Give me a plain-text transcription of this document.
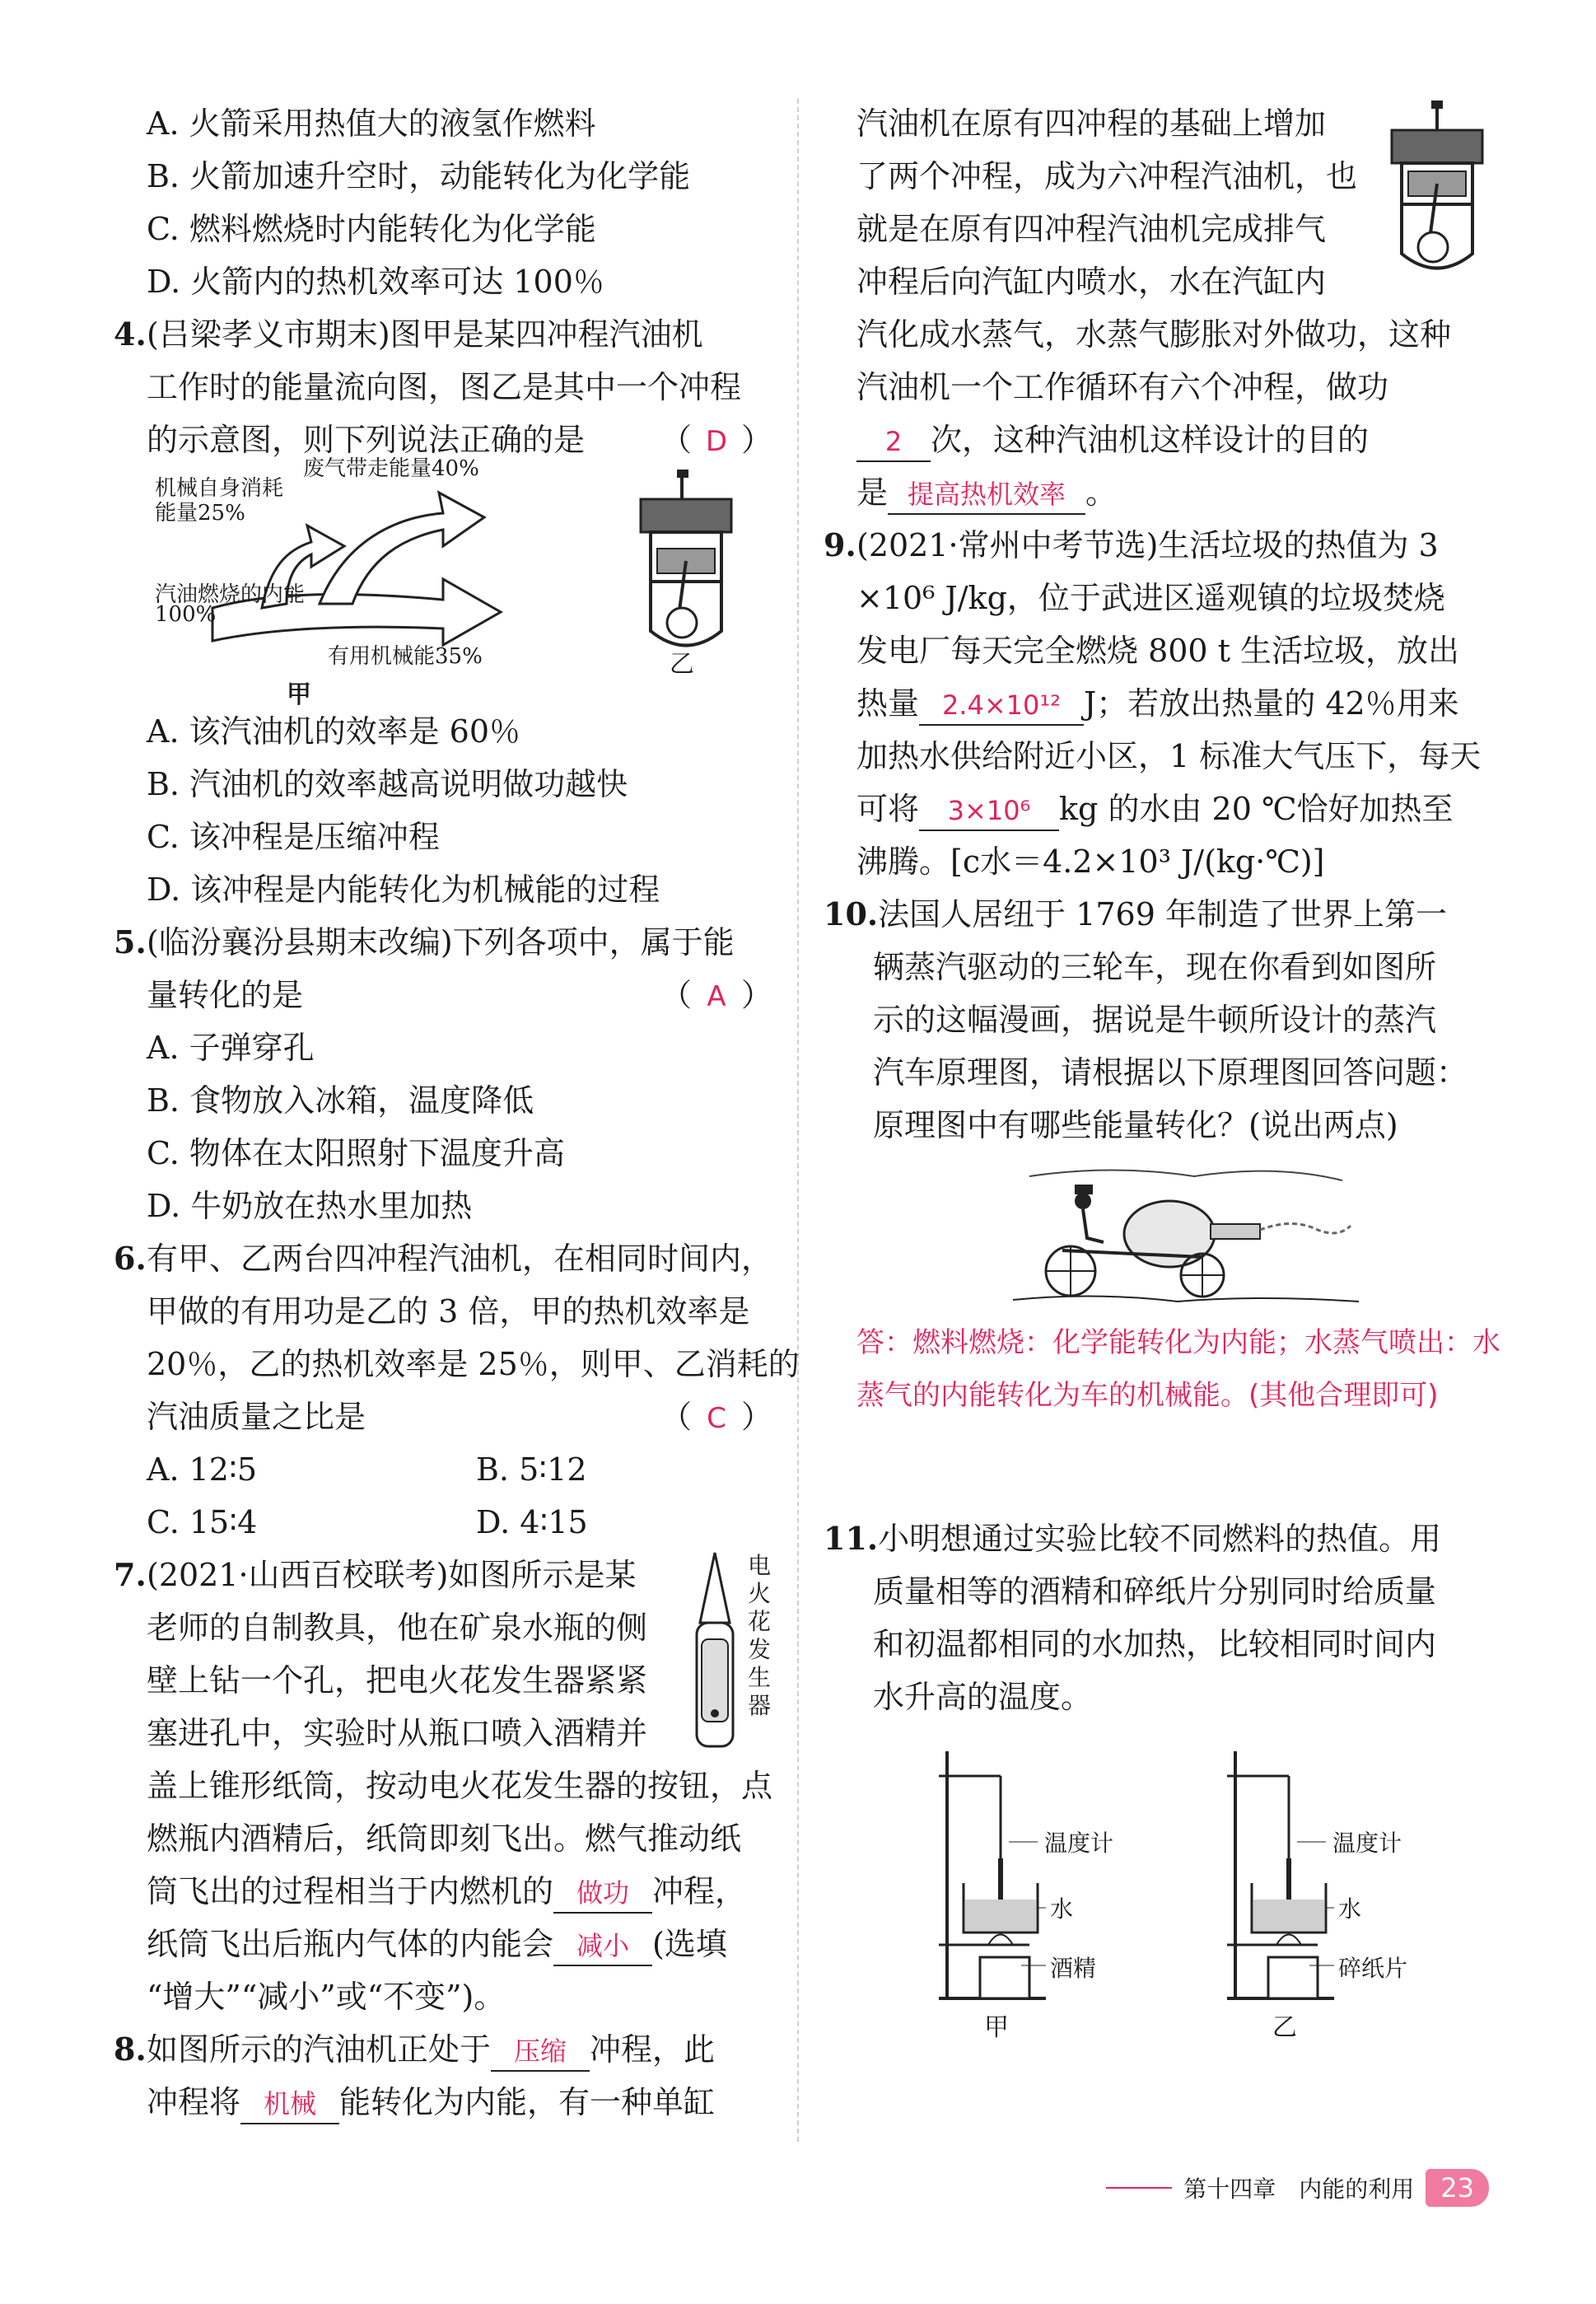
A. 火箭采用热值大的液氢作燃料
B. 火箭加速升空时，动能转化为化学能
C. 燃料燃烧时内能转化为化学能
D. 火箭内的热机效率可达 100％
4.(吕梁孝义市期末)图甲是某四冲程汽油机
工作时的能量流向图，图乙是其中一个冲程
的示意图，则下列说法正确的是 （ D ）
机械自身消耗
能量25%
废气带走能量40%
汽油燃烧的内能
100%
有用机械能35%
甲
乙
A. 该汽油机的效率是 60％
B. 汽油机的效率越高说明做功越快
C. 该冲程是压缩冲程
D. 该冲程是内能转化为机械能的过程
5.(临汾襄汾县期末改编)下列各项中，属于能
量转化的是	（ A ）
A. 子弹穿孔
B. 食物放入冰箱，温度降低
C. 物体在太阳照射下温度升高
D. 牛奶放在热水里加热
6.有甲、乙两台四冲程汽油机，在相同时间内，
甲做的有用功是乙的 3 倍，甲的热机效率是
20％，乙的热机效率是 25％，则甲、乙消耗的
汽油质量之比是	（ C ）
A. 12∶5	B. 5∶12
C. 15∶4	D. 4∶15
7.(2021·山西百校联考)如图所示是某
老师的自制教具，他在矿泉水瓶的侧
壁上钻一个孔，把电火花发生器紧紧
塞进孔中，实验时从瓶口喷入酒精并
电火花发生器
盖上锥形纸筒，按动电火花发生器的按钮，点
燃瓶内酒精后，纸筒即刻飞出。燃气推动纸
筒飞出的过程相当于内燃机的 做功 冲程，
纸筒飞出后瓶内气体的内能会 减小 (选填
“增大”“减小”或“不变”)。
8.如图所示的汽油机正处于 压缩 冲程，此
冲程将 机械 能转化为内能，有一种单缸
汽油机在原有四冲程的基础上增加
了两个冲程，成为六冲程汽油机，也
就是在原有四冲程汽油机完成排气
冲程后向汽缸内喷水，水在汽缸内
汽化成水蒸气，水蒸气膨胀对外做功，这种
汽油机一个工作循环有六个冲程，做功
2 次，这种汽油机这样设计的目的
是 提高热机效率 。
9.(2021·常州中考节选)生活垃圾的热值为 3
×10⁶ J/kg，位于武进区遥观镇的垃圾焚烧
发电厂每天完全燃烧 800 t 生活垃圾，放出
热量 2.4×10¹² J；若放出热量的 42％用来
加热水供给附近小区，1 标准大气压下，每天
可将 3×10⁶ kg 的水由 20 ℃恰好加热至
沸腾。[c水＝4.2×10³ J/(kg·℃)]
10.法国人居纽于 1769 年制造了世界上第一
辆蒸汽驱动的三轮车，现在你看到如图所
示的这幅漫画，据说是牛顿所设计的蒸汽
汽车原理图，请根据以下原理图回答问题：
原理图中有哪些能量转化？(说出两点)
答：燃料燃烧：化学能转化为内能；水蒸气喷出：水
蒸气的内能转化为车的机械能。(其他合理即可)
11.小明想通过实验比较不同燃料的热值。用
质量相等的酒精和碎纸片分别同时给质量
和初温都相同的水加热，比较相同时间内
水升高的温度。
温度计
水
酒精
甲
温度计
水
碎纸片
乙
第十四章　内能的利用	23
